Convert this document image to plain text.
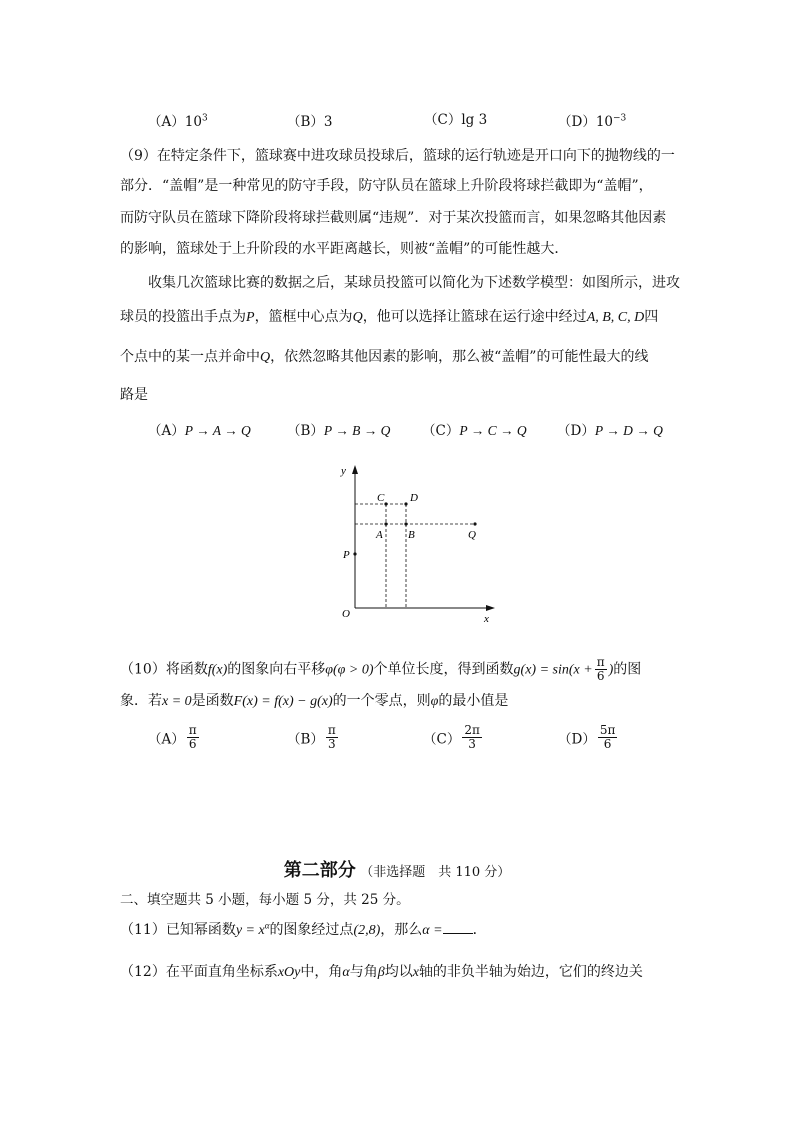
$(A)10^3$	（B）3	（C）lg 3	$(D)10^{-3}$
（9）在特定条件下，篮球赛中进攻球员投球后，篮球的运行轨迹是开口向下的抛物线的一
部分．“盖帽”是一种常见的防守手段，防守队员在篮球上升阶段将球拦截即为“盖帽”，
而防守队员在篮球下降阶段将球拦截则属“违规”．对于某次投篮而言，如果忽略其他因素
的影响，篮球处于上升阶段的水平距离越长，则被“盖帽”的可能性越大．
收集几次篮球比赛的数据之后，某球员投篮可以简化为下述数学模型：如图所示，进攻
球员的投篮出手点为P，篮框中心点为Q，他可以选择让篮球在运行途中经过A, B, C, D四
个点中的某一点并命中Q，依然忽略其他因素的影响，那么被“盖帽”的可能性最大的线
路是
（A）P → A → Q	（B）P → B → Q （C）P → C → Q （D）P → D → Q
y
x
O
P
A B
C D
Q
（10）将函数f(x)的图象向右平移φ(φ > 0)个单位长度，得到函数$g(x) = \sin(x + \frac{\pi}{6}$ )的图
象．若x = 0是函数F(x) = f(x) − g(x)的一个零点，则φ的最小值是
$(A) \frac{\pi}{6}$	$(B) \frac{\pi}{3}$	$(C) \frac{2\pi}{3}$	$(D) \frac{5\pi}{6}$
第二部分 （非选择题　共 110 分）
二、填空题共 5 小题，每小题 5 分，共 25 分。
（11）已知幂函数$y = x^\alpha$的图象经过点(2,8)，那么α = ．
（12）在平面直角坐标系xOy中，角α与角β均以x轴的非负半轴为始边，它们的终边关
